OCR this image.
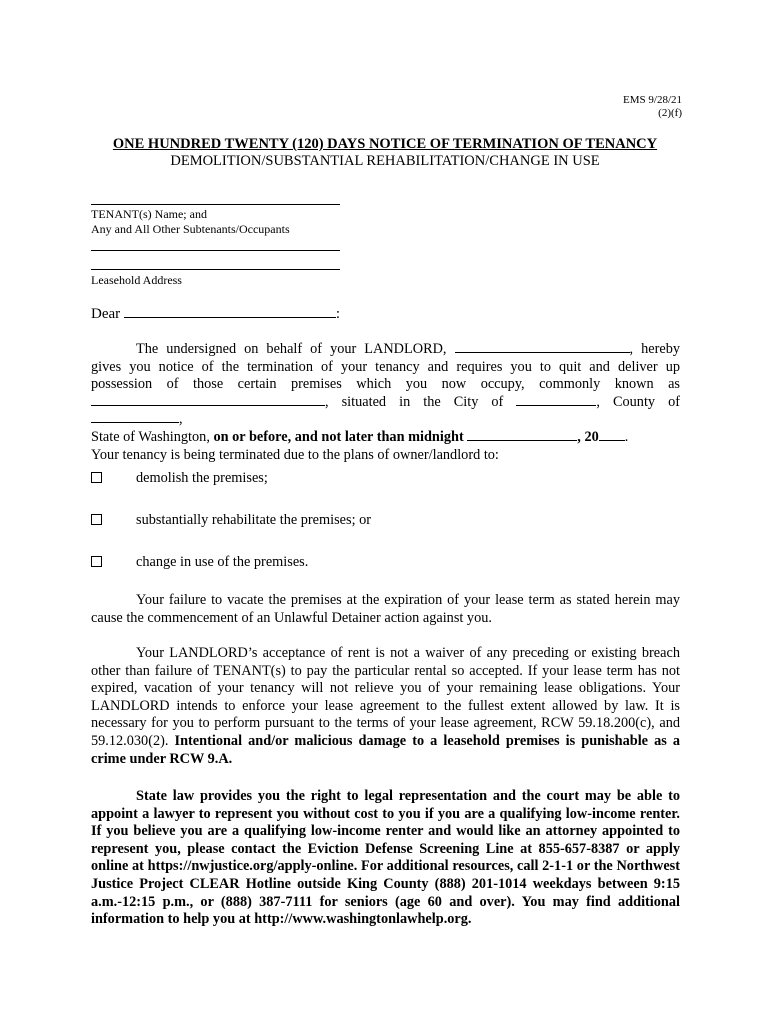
EMS 9/28/21
(2)(f)
ONE HUNDRED TWENTY (120) DAYS NOTICE OF TERMINATION OF TENANCY
DEMOLITION/SUBSTANTIAL REHABILITATION/CHANGE IN USE
TENANT(s) Name; and
Any and All Other Subtenants/Occupants
Leasehold Address
Dear	:
The undersigned on behalf of your LANDLORD,	, hereby
gives you notice of the termination of your tenancy and requires you to quit and deliver up
possession of those certain premises which you now occupy, commonly known as
, situated in the City of	, County of ,
State of Washington, on or before, and not later than midnight	, 20 .
Your tenancy is being terminated due to the plans of owner/landlord to:
demolish the premises;
substantially rehabilitate the premises; or
change in use of the premises.
Your failure to vacate the premises at the expiration of your lease term as stated herein may cause the commencement of an Unlawful Detainer action against you.
Your LANDLORD’s acceptance of rent is not a waiver of any preceding or existing breach other than failure of TENANT(s) to pay the particular rental so accepted. If your lease term has not expired, vacation of your tenancy will not relieve you of your remaining lease obligations. Your LANDLORD intends to enforce your lease agreement to the fullest extent allowed by law. It is necessary for you to perform pursuant to the terms of your lease agreement, RCW 59.18.200(c), and 59.12.030(2). Intentional and/or malicious damage to a leasehold premises is punishable as a crime under RCW 9.A.
State law provides you the right to legal representation and the court may be able to appoint a lawyer to represent you without cost to you if you are a qualifying low-income renter. If you believe you are a qualifying low-income renter and would like an attorney appointed to represent you, please contact the Eviction Defense Screening Line at 855-657-8387 or apply online at https://nwjustice.org/apply-online. For additional resources, call 2-1-1 or the Northwest Justice Project CLEAR Hotline outside King County (888) 201-1014 weekdays between 9:15 a.m.-12:15 p.m., or (888) 387-7111 for seniors (age 60 and over). You may find additional information to help you at http://www.washingtonlawhelp.org.
